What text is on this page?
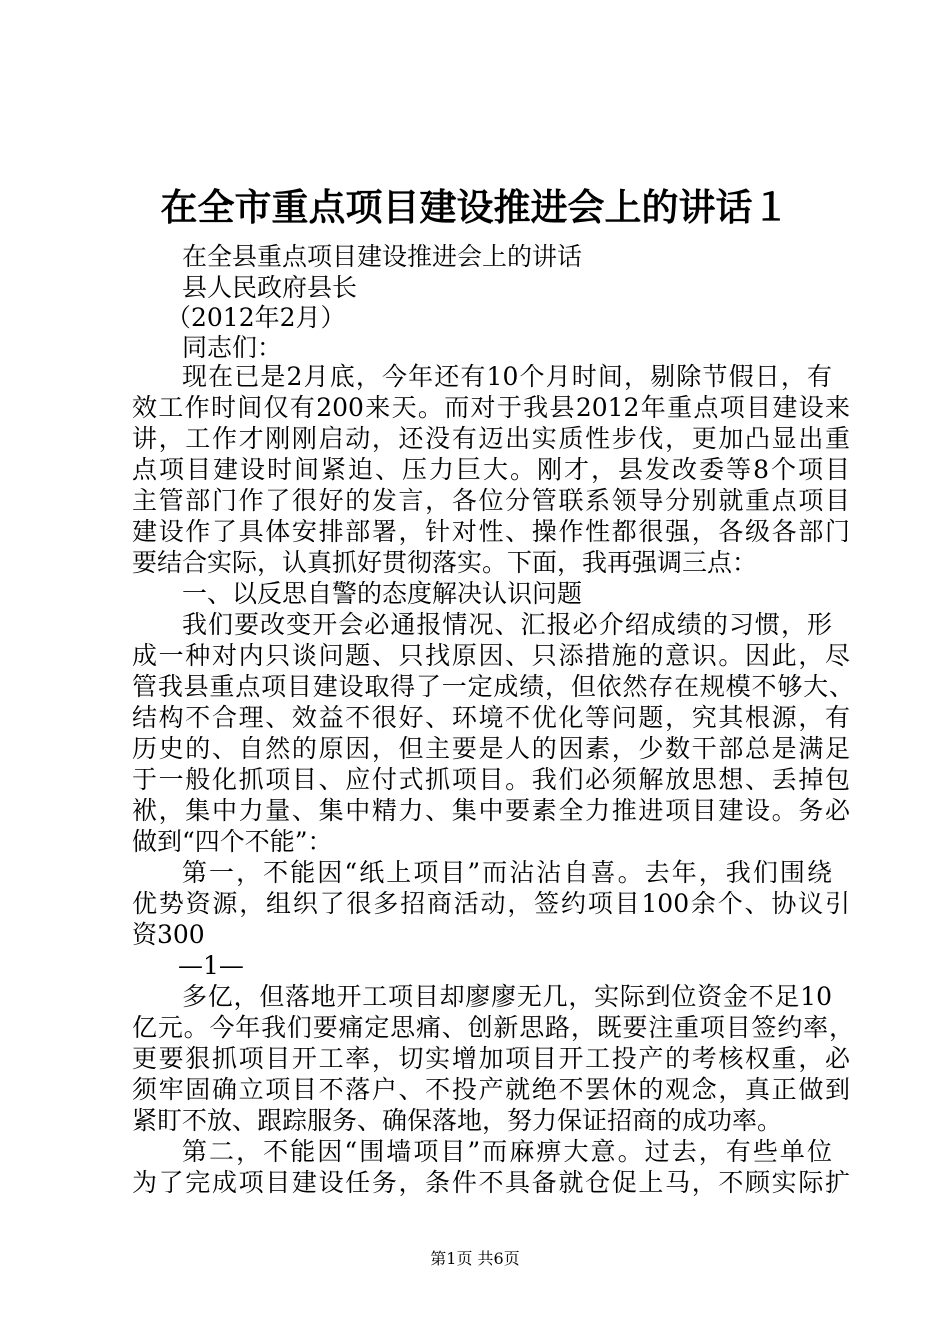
在全市重点项目建设推进会上的讲话１

在全县重点项目建设推进会上的讲话

县人民政府县长

（2012年2月）

同志们：

现在已是2月底，今年还有10个月时间，剔除节假日，有

效工作时间仅有200来天。而对于我县2012年重点项目建设来

讲，工作才刚刚启动，还没有迈出实质性步伐，更加凸显出重

点项目建设时间紧迫、压力巨大。刚才，县发改委等8个项目

主管部门作了很好的发言，各位分管联系领导分别就重点项目

建设作了具体安排部署，针对性、操作性都很强，各级各部门

要结合实际，认真抓好贯彻落实。下面，我再强调三点：

一、以反思自警的态度解决认识问题

我们要改变开会必通报情况、汇报必介绍成绩的习惯，形

成一种对内只谈问题、只找原因、只添措施的意识。因此，尽

管我县重点项目建设取得了一定成绩，但依然存在规模不够大、

结构不合理、效益不很好、环境不优化等问题，究其根源，有

历史的、自然的原因，但主要是人的因素，少数干部总是满足

于一般化抓项目、应付式抓项目。我们必须解放思想、丢掉包

袱，集中力量、集中精力、集中要素全力推进项目建设。务必

做到“四个不能”：

第一，不能因“纸上项目”而沾沾自喜。去年，我们围绕

优势资源，组织了很多招商活动，签约项目100余个、协议引

资300

—1—

多亿，但落地开工项目却廖廖无几，实际到位资金不足10

亿元。今年我们要痛定思痛、创新思路，既要注重项目签约率，

更要狠抓项目开工率，切实增加项目开工投产的考核权重，必

须牢固确立项目不落户、不投产就绝不罢休的观念，真正做到

紧盯不放、跟踪服务、确保落地，努力保证招商的成功率。

第二，不能因“围墙项目”而麻痹大意。过去，有些单位

为了完成项目建设任务，条件不具备就仓促上马，不顾实际扩

第1页 共6页
